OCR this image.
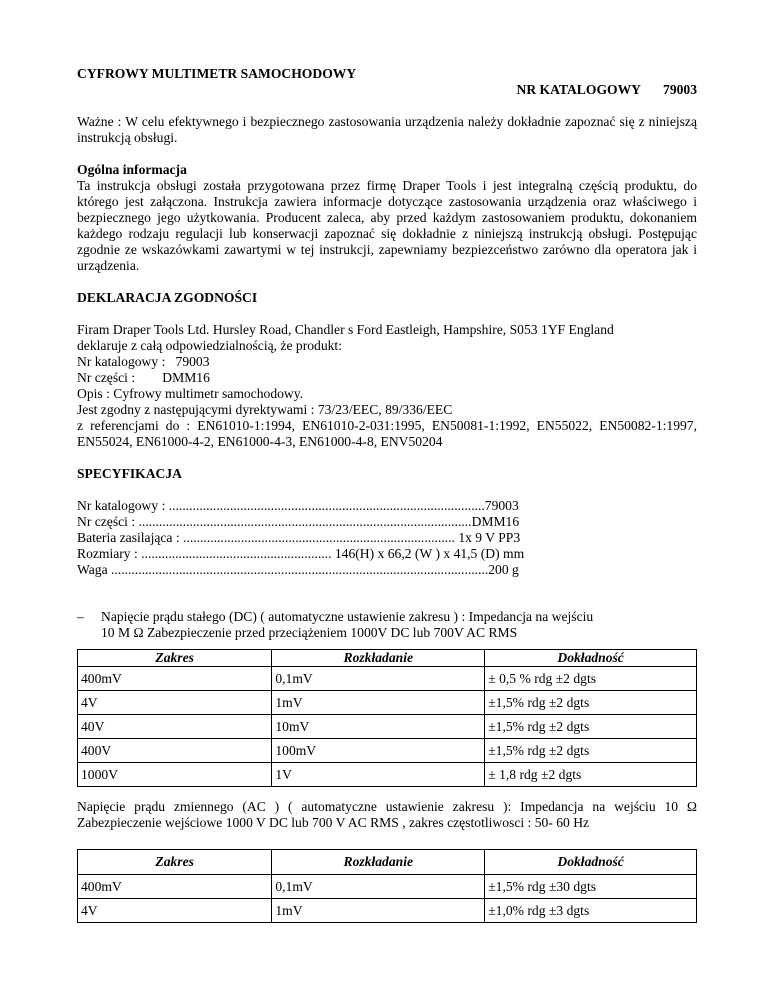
CYFROWY MULTIMETR SAMOCHODOWY
NR KATALOGOWY 79003
Ważne : W celu efektywnego i bezpiecznego zastosowania urządzenia należy dokładnie zapoznać się z niniejszą instrukcją obsługi.
Ogólna informacja
Ta instrukcja obsługi została przygotowana przez firmę Draper Tools i jest integralną częścią produktu, do którego jest załączona. Instrukcja zawiera informacje dotyczące zastosowania urządzenia oraz właściwego i bezpiecznego jego użytkowania. Producent zaleca, aby przed każdym zastosowaniem produktu, dokonaniem każdego rodzaju regulacji lub konserwacji zapoznać się dokładnie z niniejszą instrukcją obsługi. Postępując zgodnie ze wskazówkami zawartymi w tej instrukcji, zapewniamy bezpiezceństwo zarówno dla operatora jak i urządzenia.
DEKLARACJA ZGODNOŚCI
Firam Draper Tools Ltd. Hursley Road, Chandler s Ford Eastleigh, Hampshire, S053 1YF England
deklaruje z całą odpowiedzialnością, że produkt:
Nr katalogowy :   79003
Nr części :        DMM16
Opis : Cyfrowy multimetr samochodowy.
Jest zgodny z następującymi dyrektywami : 73/23/EEC, 89/336/EEC
z referencjami do : EN61010-1:1994, EN61010-2-031:1995, EN50081-1:1992, EN55022, EN50082-1:1997, EN55024, EN61000-4-2, EN61000-4-3, EN61000-4-8, ENV50204
SPECYFIKACJA
Nr katalogowy : .............................................................................................79003
Nr części : ..................................................................................................DMM16
Bateria zasilająca : ................................................................................ 1x 9 V PP3
Rozmiary : ........................................................ 146(H) x 66,2 (W ) x 41,5 (D) mm
Waga ...............................................................................................................200 g
– Napięcie prądu stałego (DC) ( automatyczne ustawienie zakresu ) : Impedancja na wejściu
10 M Ω Zabezpieczenie przed przeciążeniem 1000V DC lub 700V AC RMS
Zakres	Rozkładanie	Dokładność
400mV	0,1mV	± 0,5 % rdg ±2 dgts
4V	1mV	±1,5% rdg ±2 dgts
40V	10mV	±1,5% rdg ±2 dgts
400V	100mV	±1,5% rdg ±2 dgts
1000V	1V	± 1,8 rdg ±2 dgts
Napięcie prądu zmiennego (AC ) ( automatyczne ustawienie zakresu ): Impedancja na wejściu 10 Ω Zabezpieczenie wejściowe 1000 V DC lub 700 V AC RMS , zakres częstotliwosci : 50- 60 Hz
Zakres	Rozkładanie	Dokładność
400mV	0,1mV	±1,5% rdg ±30 dgts
4V	1mV	±1,0% rdg ±3 dgts
